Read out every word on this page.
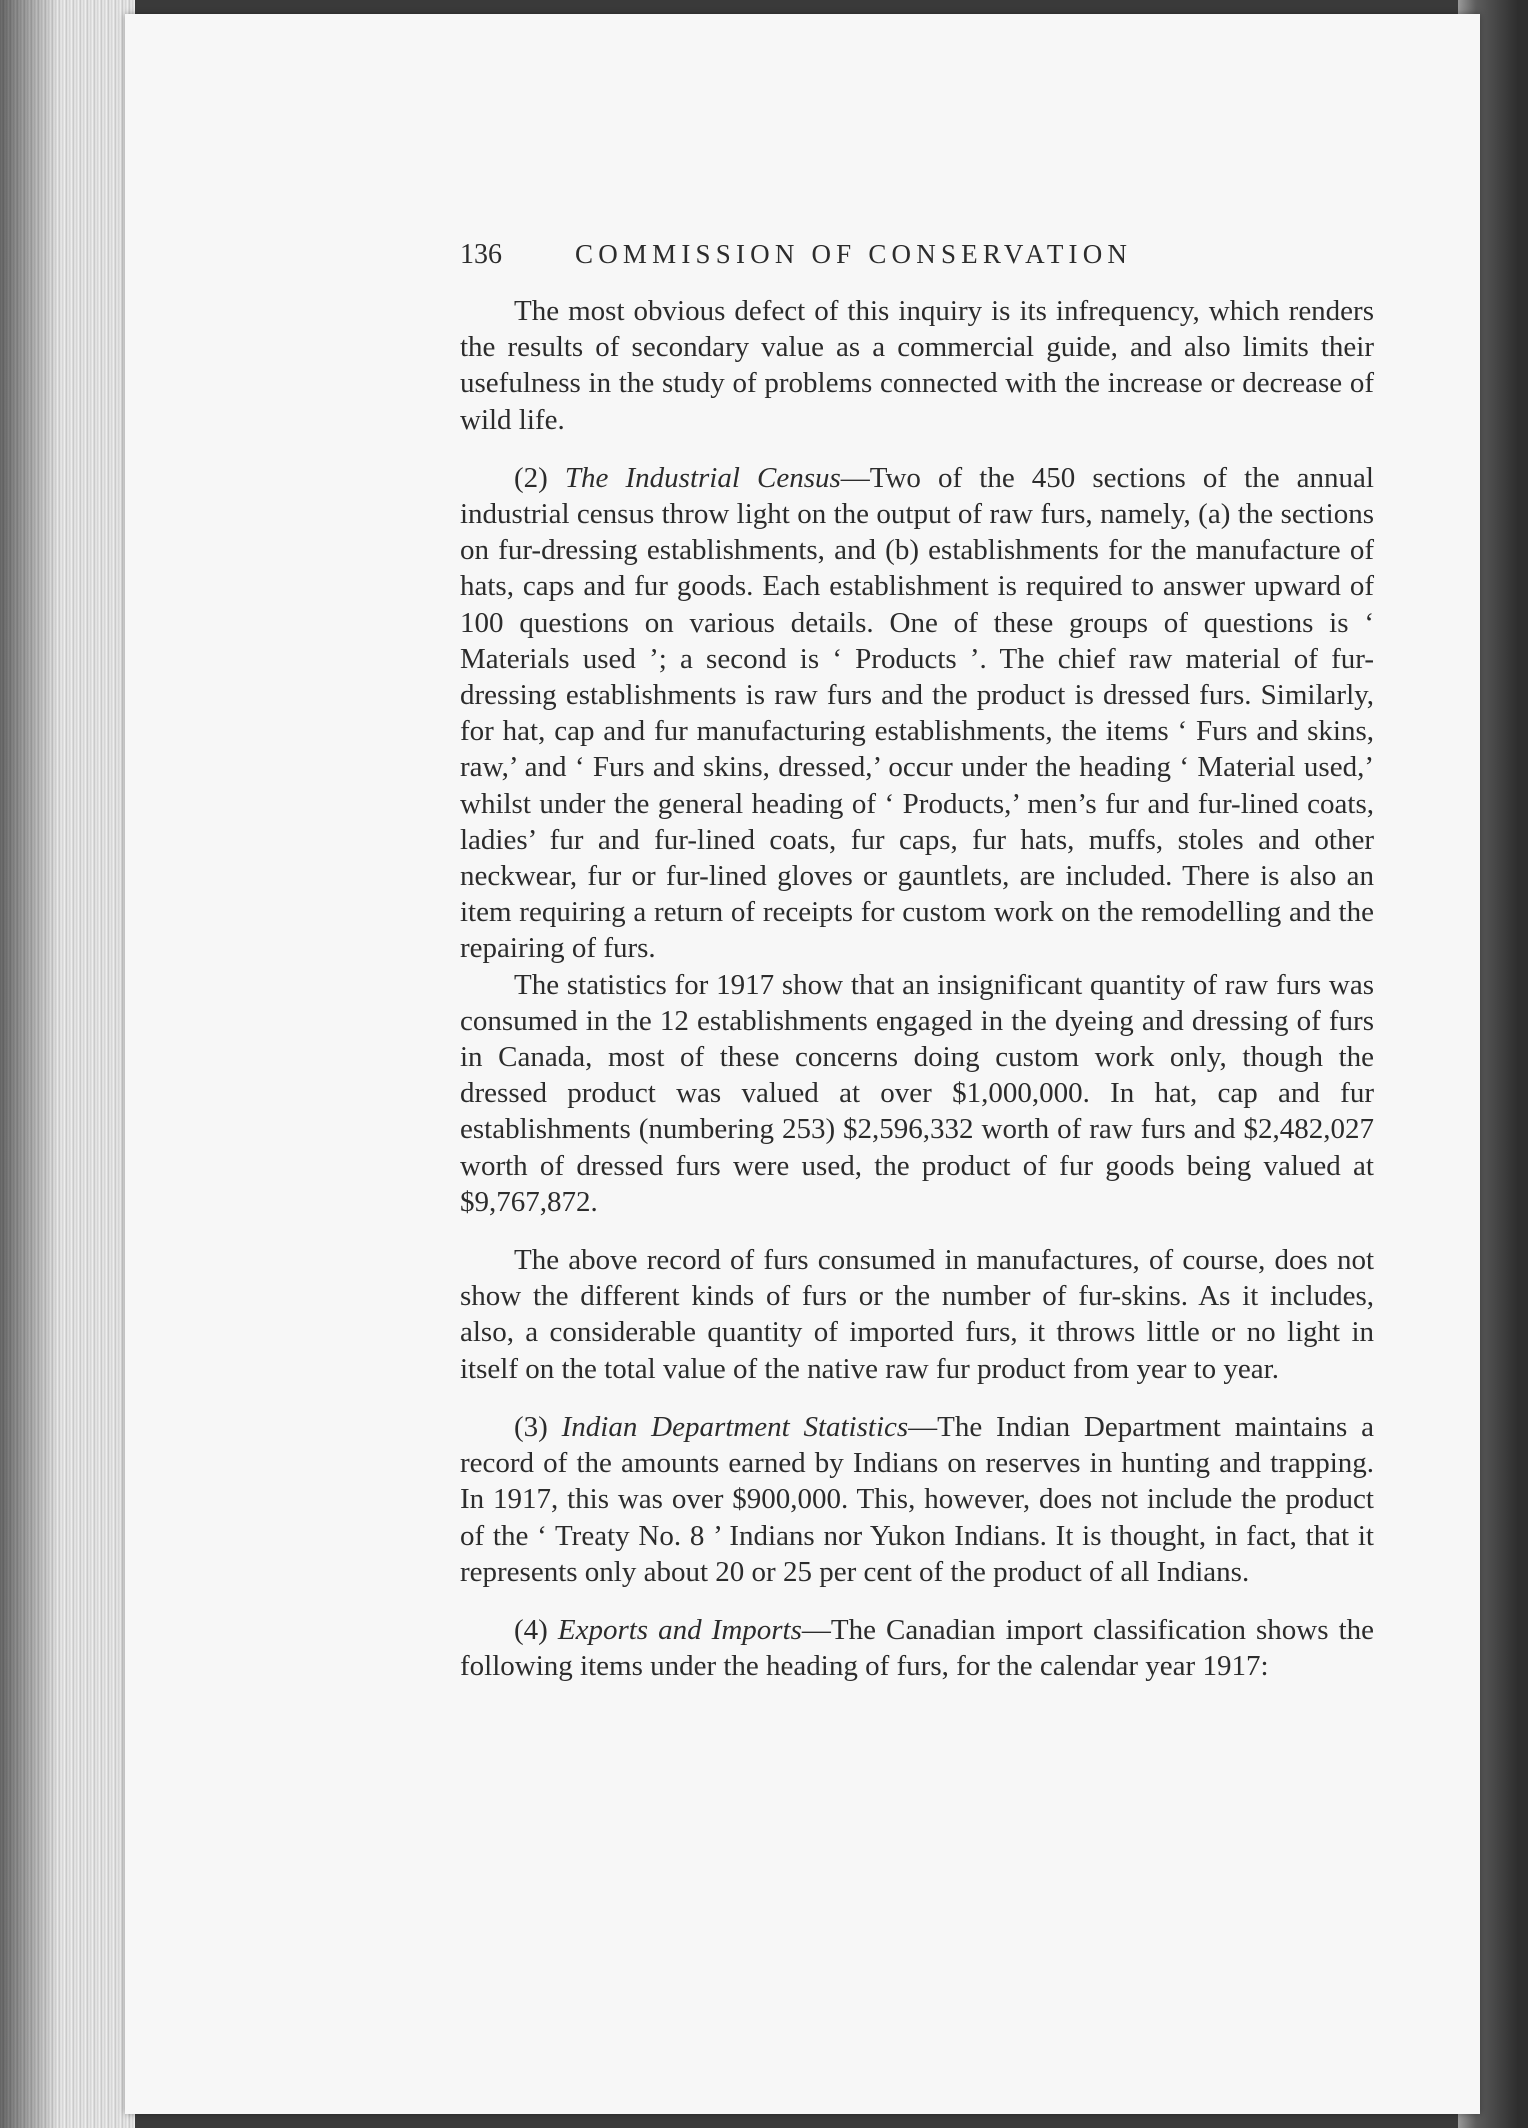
136	COMMISSION OF CONSERVATION

The most obvious defect of this inquiry is its infrequency, which renders the results of secondary value as a commercial guide, and also limits their usefulness in the study of problems connected with the increase or decrease of wild life.

(2) The Industrial Census—Two of the 450 sections of the annual industrial census throw light on the output of raw furs, namely, (a) the sections on fur-dressing establishments, and (b) establishments for the manufacture of hats, caps and fur goods. Each establishment is required to answer upward of 100 questions on various details. One of these groups of questions is ‘ Materials used ’; a second is ‘ Products ’. The chief raw material of fur-dressing establishments is raw furs and the product is dressed furs. Similarly, for hat, cap and fur manufacturing establishments, the items ‘ Furs and skins, raw,’ and ‘ Furs and skins, dressed,’ occur under the heading ‘ Material used,’ whilst under the general heading of ‘ Products,’ men’s fur and fur-lined coats, ladies’ fur and fur-lined coats, fur caps, fur hats, muffs, stoles and other neckwear, fur or fur-lined gloves or gauntlets, are included. There is also an item requiring a return of receipts for custom work on the remodelling and the repairing of furs.

The statistics for 1917 show that an insignificant quantity of raw furs was consumed in the 12 establishments engaged in the dyeing and dressing of furs in Canada, most of these concerns doing custom work only, though the dressed product was valued at over $1,000,000. In hat, cap and fur establishments (numbering 253) $2,596,332 worth of raw furs and $2,482,027 worth of dressed furs were used, the product of fur goods being valued at $9,767,872.

The above record of furs consumed in manufactures, of course, does not show the different kinds of furs or the number of fur-skins. As it includes, also, a considerable quantity of imported furs, it throws little or no light in itself on the total value of the native raw fur product from year to year.

(3) Indian Department Statistics—The Indian Department maintains a record of the amounts earned by Indians on reserves in hunting and trapping. In 1917, this was over $900,000. This, however, does not include the product of the ‘ Treaty No. 8 ’ Indians nor Yukon Indians. It is thought, in fact, that it represents only about 20 or 25 per cent of the product of all Indians.

(4) Exports and Imports—The Canadian import classification shows the following items under the heading of furs, for the calendar year 1917:
